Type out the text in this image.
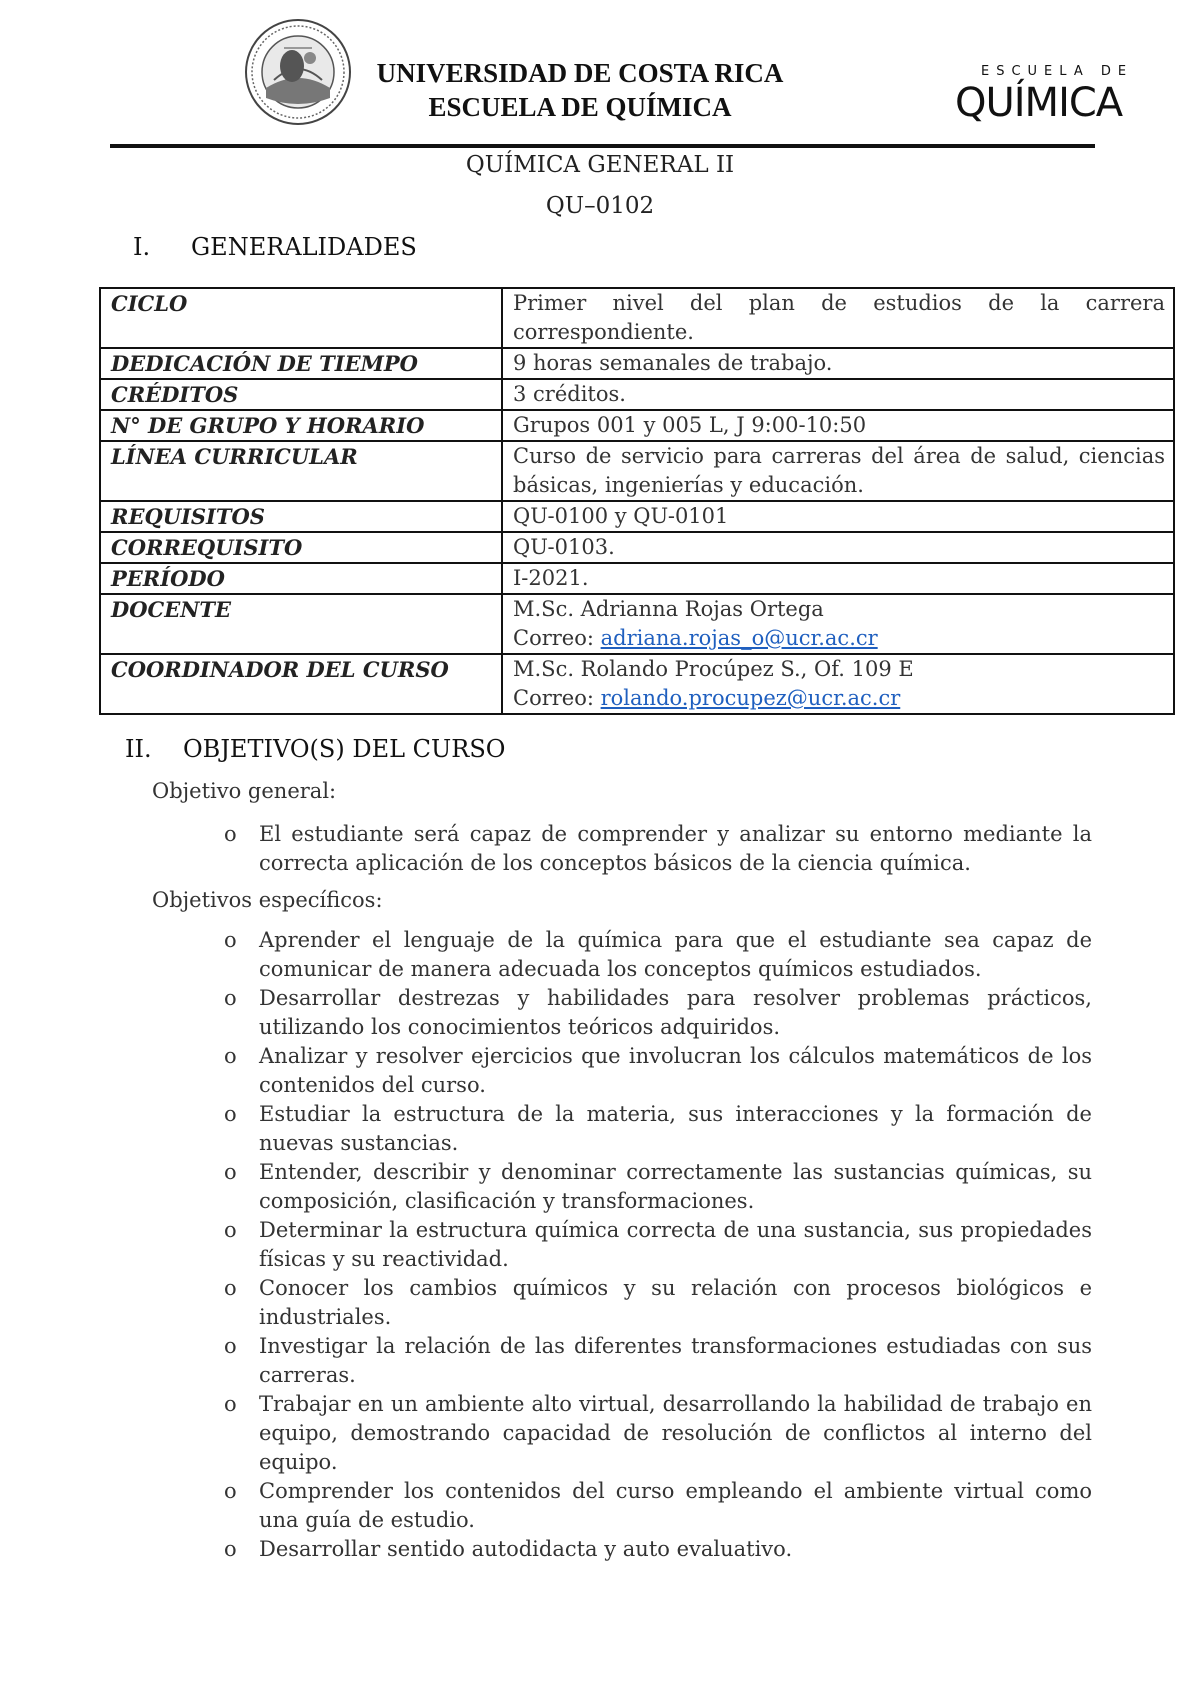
UNIVERSIDAD DE COSTA RICA
ESCUELA DE QUÍMICA
ESCUELA DE
QUÍMICA
QUÍMICA GENERAL II
QU–0102
I. GENERALIDADES
CICLO	Primer nivel del plan de estudios de la carrera correspondiente.
DEDICACIÓN DE TIEMPO	9 horas semanales de trabajo.
CRÉDITOS	3 créditos.
N° DE GRUPO Y HORARIO	Grupos 001 y 005 L, J 9:00-10:50
LÍNEA CURRICULAR	Curso de servicio para carreras del área de salud, ciencias básicas, ingenierías y educación.
REQUISITOS	QU-0100 y QU-0101
CORREQUISITO	QU-0103.
PERÍODO	I-2021.
DOCENTE	M.Sc. Adrianna Rojas Ortega
Correo: adriana.rojas_o@ucr.ac.cr

COORDINADOR DEL CURSO	M.Sc. Rolando Procúpez S., Of. 109 E
Correo: rolando.procupez@ucr.ac.cr
II. OBJETIVO(S) DEL CURSO
Objetivo general:
o El estudiante será capaz de comprender y analizar su entorno mediante la correcta aplicación de los conceptos básicos de la ciencia química.
Objetivos específicos:
o Aprender el lenguaje de la química para que el estudiante sea capaz de comunicar de manera adecuada los conceptos químicos estudiados.
o Desarrollar destrezas y habilidades para resolver problemas prácticos, utilizando los conocimientos teóricos adquiridos.
o Analizar y resolver ejercicios que involucran los cálculos matemáticos de los contenidos del curso.
o Estudiar la estructura de la materia, sus interacciones y la formación de nuevas sustancias.
o Entender, describir y denominar correctamente las sustancias químicas, su composición, clasificación y transformaciones.
o Determinar la estructura química correcta de una sustancia, sus propiedades físicas y su reactividad.
o Conocer los cambios químicos y su relación con procesos biológicos e industriales.
o Investigar la relación de las diferentes transformaciones estudiadas con sus carreras.
o Trabajar en un ambiente alto virtual, desarrollando la habilidad de trabajo en equipo, demostrando capacidad de resolución de conflictos al interno del equipo.
o Comprender los contenidos del curso empleando el ambiente virtual como una guía de estudio.
o Desarrollar sentido autodidacta y auto evaluativo.
